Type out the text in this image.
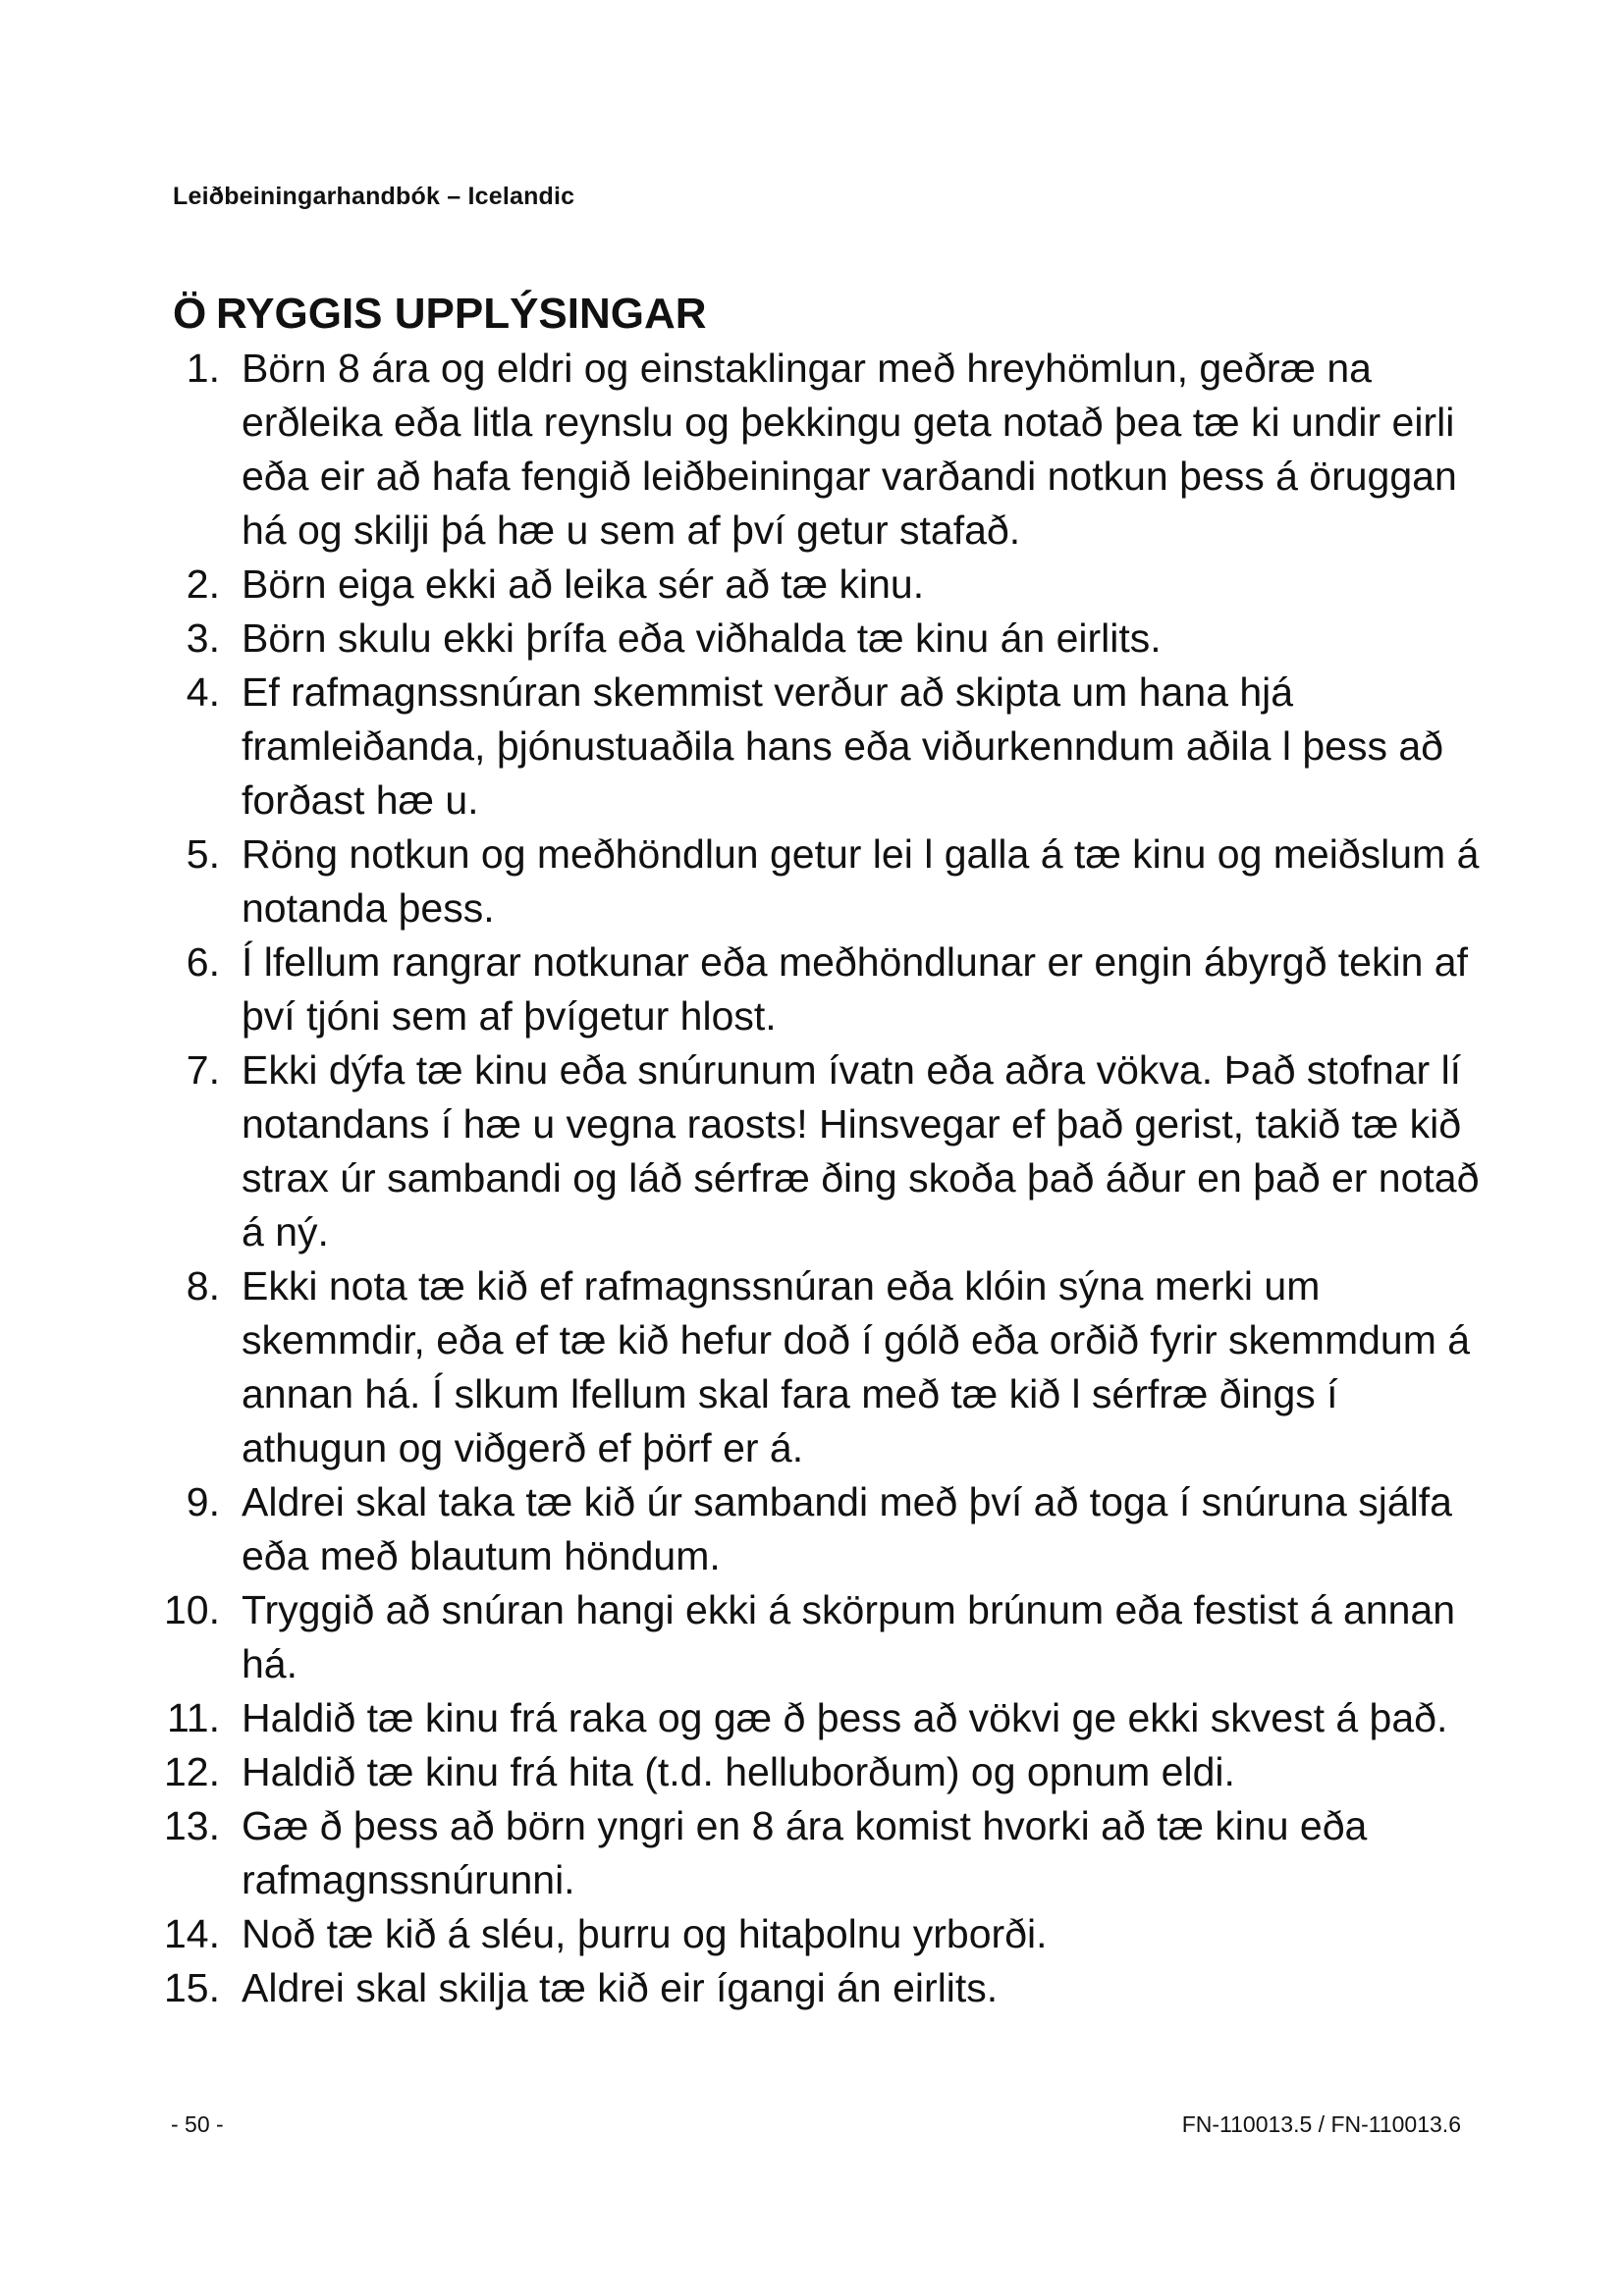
Leiðbeiningarhandbók – Icelandic
Ö RYGGIS UPPLÝSINGAR
1. Börn 8 ára og eldri og einstaklingar með hreyhömlun, geðræ na erðleika eða litla reynslu og þekkingu geta notað þea tæ ki undir eirli eða eir að hafa fengið leiðbeiningar varðandi notkun þess á öruggan há og skilji þá hæ u sem af því getur stafað.
2. Börn eiga ekki að leika sér að tæ kinu.
3. Börn skulu ekki þrífa eða viðhalda tæ kinu án eirlits.
4. Ef rafmagnssnúran skemmist verður að skipta um hana hjá framleiðanda, þjónustuaðila hans eða viðurkenndum aðila l þess að forðast hæ u.
5. Röng notkun og meðhöndlun getur lei l galla á tæ kinu og meiðslum á notanda þess.
6. Í lfellum rangrar notkunar eða meðhöndlunar er engin ábyrgð tekin af því tjóni sem af þvígetur hlost.
7. Ekki dýfa tæ kinu eða snúrunum ívatn eða aðra vökva. Það stofnar lí notandans í hæ u vegna raosts! Hinsvegar ef það gerist, takið tæ kið strax úr sambandi og láð sérfræ ðing skoða það áður en það er notað á ný.
8. Ekki nota tæ kið ef rafmagnssnúran eða klóin sýna merki um skemmdir, eða ef tæ kið hefur doð í gólð eða orðið fyrir skemmdum á annan há. Í slkum lfellum skal fara með tæ kið l sérfræ ðings í athugun og viðgerð ef þörf er á.
9. Aldrei skal taka tæ kið úr sambandi með því að toga í snúruna sjálfa eða með blautum höndum.
10. Tryggið að snúran hangi ekki á skörpum brúnum eða festist á annan há.
11. Haldið tæ kinu frá raka og gæ ð þess að vökvi ge ekki skvest á það.
12. Haldið tæ kinu frá hita (t.d. helluborðum) og opnum eldi.
13. Gæ ð þess að börn yngri en 8 ára komist hvorki að tæ kinu eða rafmagnssnúrunni.
14. Noð tæ kið á sléu, þurru og hitaþolnu yrborði.
15. Aldrei skal skilja tæ kið eir ígangi án eirlits.
- 50 -	FN-110013.5 / FN-110013.6
